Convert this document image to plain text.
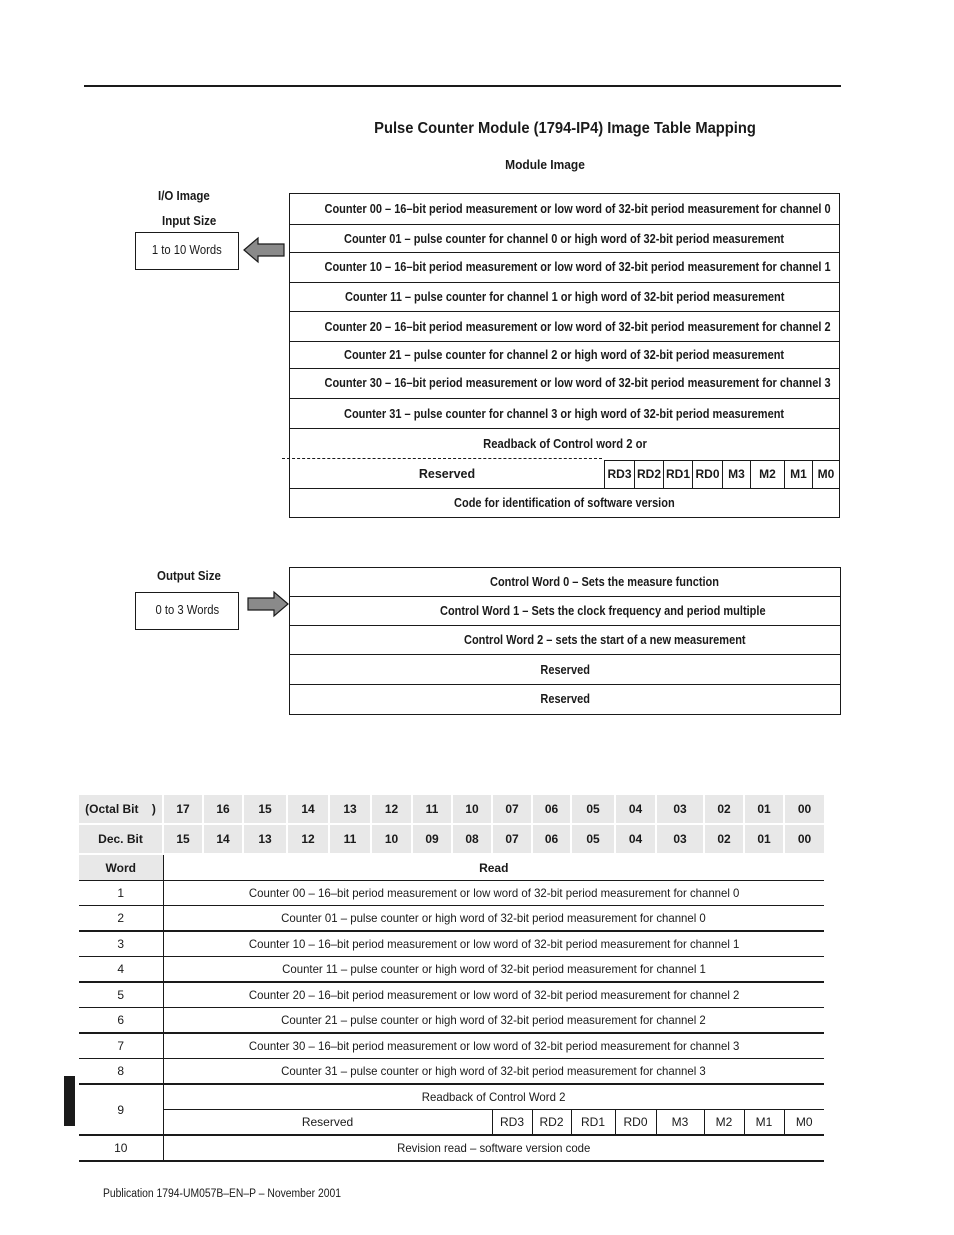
Pulse Counter Module (1794-IP4) Image Table Mapping
Module Image
I/O Image
Input Size
1 to 10 Words
Counter 00 – 16–bit period measurement or low word of 32-bit period measurement for channel 0
Counter 01 – pulse counter for channel 0 or high word of 32-bit period measurement
Counter 10 – 16–bit period measurement or low word of 32-bit period measurement for channel 1
Counter 11 – pulse counter for channel 1 or high word of 32-bit period measurement
Counter 20 – 16–bit period measurement or low word of 32-bit period measurement for channel 2
Counter 21 – pulse counter for channel 2 or high word of 32-bit period measurement
Counter 30 – 16–bit period measurement or low word of 32-bit period measurement for channel 3
Counter 31 – pulse counter for channel 3 or high word of 32-bit period measurement
Readback of Control word 2 or
Reserved	RD3 RD2 RD1 RD0 M3	M2	M1 M0
Code for identification of software version
Output Size
0 to 3 Words
Control Word 0 – Sets the measure function
Control Word 1 – Sets the clock frequency and period multiple
Control Word 2 – sets the start of a new measurement
Reserved
Reserved
(Octal Bit )	17	16	15	14	13	12	11	10	07	06	05	04	03	02	01	00
Dec. Bit	15	14	13	12	11	10	09	08	07	06	05	04	03	02	01	00
Word	Read															
1	Counter 00 – 16–bit period measurement or low word of 32-bit period measurement for channel 0															
2	Counter 01 – pulse counter or high word of 32-bit period measurement for channel 0															
3	Counter 10 – 16–bit period measurement or low word of 32-bit period measurement for channel 1															
4	Counter 11 – pulse counter or high word of 32-bit period measurement for channel 1															
5	Counter 20 – 16–bit period measurement or low word of 32-bit period measurement for channel 2															
6	Counter 21 – pulse counter or high word of 32-bit period measurement for channel 2															
7	Counter 30 – 16–bit period measurement or low word of 32-bit period measurement for channel 3															
8	Counter 31 – pulse counter or high word of 32-bit period measurement for channel 3															
9	Readback of Control Word 2															
	Reserved								RD3	RD2	RD1	RD0	M3	M2	M1	M0
10	Revision read – software version code															
Publication 1794-UM057B–EN–P – November 2001
